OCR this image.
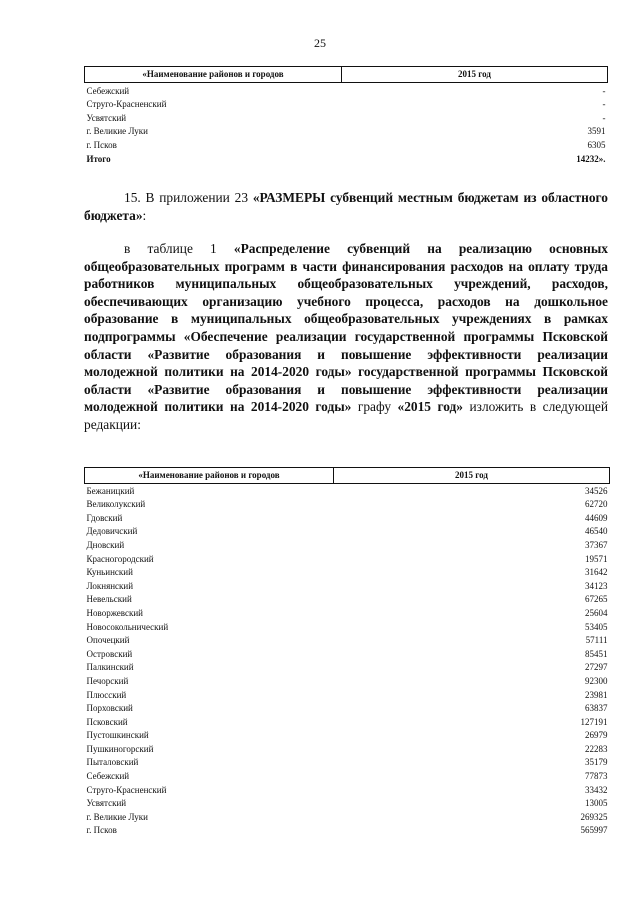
25
«Наименование районов и городов	2015 год
Себежский	-
Струго-Красненский	-
Усвятский	-
г. Великие Луки	3591
г. Псков	6305
Итого	14232».
15. В приложении 23 «РАЗМЕРЫ субвенций местным бюджетам из областного бюджета»:
в таблице 1 «Распределение субвенций на реализацию основных общеобразовательных программ в части финансирования расходов на оплату труда работников муниципальных общеобразовательных учреждений, расходов, обеспечивающих организацию учебного процесса, расходов на дошкольное образование в муниципальных общеобразовательных учреждениях в рамках подпрограммы «Обеспечение реализации государственной программы Псковской области «Развитие образования и повышение эффективности реализации молодежной политики на 2014-2020 годы» государственной программы Псковской области «Развитие образования и повышение эффективности реализации молодежной политики на 2014-2020 годы» графу «2015 год» изложить в следующей редакции:
«Наименование районов и городов	2015 год
Бежаницкий	34526
Великолукский	62720
Гдовский	44609
Дедовичский	46540
Дновский	37367
Красногородский	19571
Куньинский	31642
Локнянский	34123
Невельский	67265
Новоржевский	25604
Новосокольнический	53405
Опочецкий	57111
Островский	85451
Палкинский	27297
Печорский	92300
Плюсский	23981
Порховский	63837
Псковский	127191
Пустошкинский	26979
Пушкиногорский	22283
Пыталовский	35179
Себежский	77873
Струго-Красненский	33432
Усвятский	13005
г. Великие Луки	269325
г. Псков	565997
